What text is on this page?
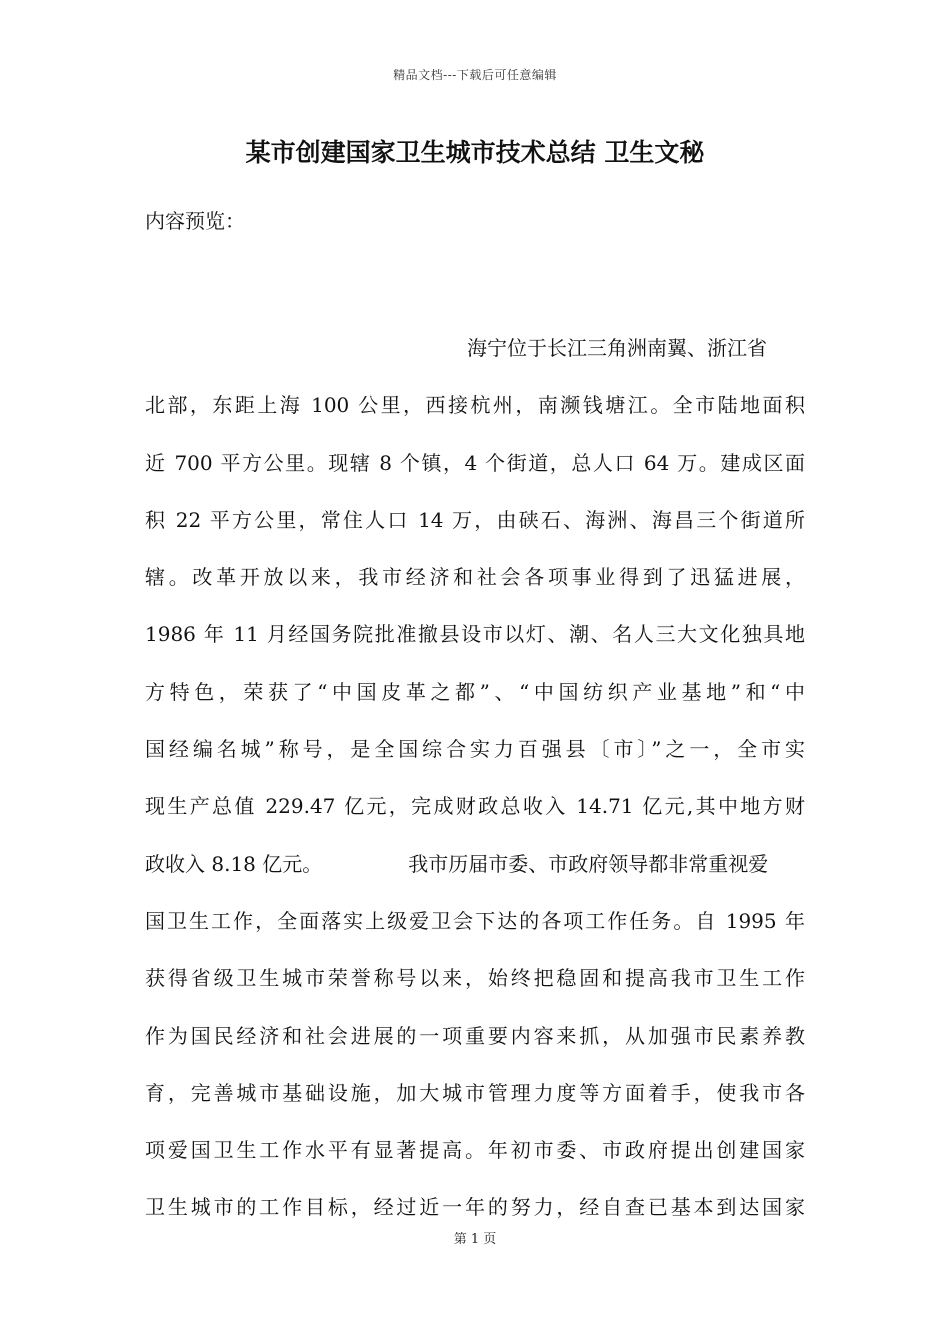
精品文档---下载后可任意编辑
某市创建国家卫生城市技术总结 卫生文秘
内容预览：
海宁位于长江三角洲南翼、浙江省
北部，东距上海 100 公里，西接杭州，南濒钱塘江。全市陆地面积
近 700 平方公里。现辖 8 个镇，4 个街道，总人口 64 万。建成区面
积 22 平方公里，常住人口 14 万，由硖石、海洲、海昌三个街道所
辖。改革开放以来，我市经济和社会各项事业得到了迅猛进展，
1986 年 11 月经国务院批准撤县设市以灯、潮、名人三大文化独具地
方特色，荣获了“中国皮革之都”、“中国纺织产业基地”和“中
国经编名城”称号，是全国综合实力百强县〔市〕”之一，全市实
现生产总值 229.47 亿元，完成财政总收入 14.71 亿元,其中地方财
政收入 8.18 亿元。	我市历届市委、市政府领导都非常重视爱
国卫生工作，全面落实上级爱卫会下达的各项工作任务。自 1995 年
获得省级卫生城市荣誉称号以来，始终把稳固和提高我市卫生工作
作为国民经济和社会进展的一项重要内容来抓，从加强市民素养教
育，完善城市基础设施，加大城市管理力度等方面着手，使我市各
项爱国卫生工作水平有显著提高。年初市委、市政府提出创建国家
卫生城市的工作目标，经过近一年的努力，经自查已基本到达国家
第 1 页
